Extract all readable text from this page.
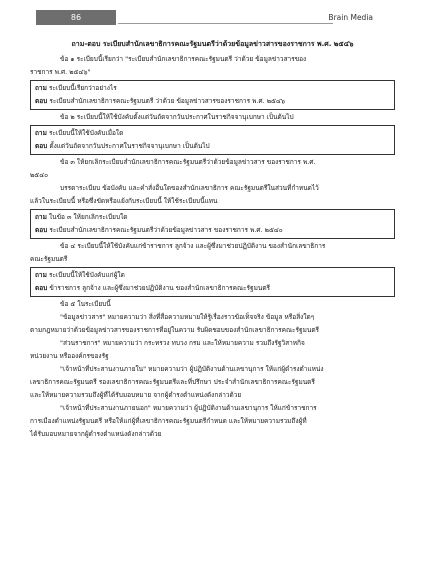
86	Brain Media

ถาม-ตอบ ระเบียบสำนักเลขาธิการคณะรัฐมนตรีว่าด้วยข้อมูลข่าวสารของราชการ พ.ศ. ๒๕๔๖

ข้อ ๑ ระเบียบนี้เรียกว่า "ระเบียบสำนักเลขาธิการคณะรัฐมนตรี ว่าด้วย ข้อมูลข่าวสารของ

ราชการ พ.ศ. ๒๕๔๖"

ถาม ระเบียบนี้เรียกว่าอย่างไร
ตอบ ระเบียบสำนักเลขาธิการคณะรัฐมนตรี ว่าด้วย ข้อมูลข่าวสารของราชการ พ.ศ. ๒๕๔๖

ข้อ ๒ ระเบียบนี้ให้ใช้บังคับตั้งแต่วันถัดจากวันประกาศในราชกิจจานุเบกษา เป็นต้นไป

ถาม ระเบียบนี้ให้ใช้บังคับเมื่อใด
ตอบ ตั้งแต่วันถัดจากวันประกาศในราชกิจจานุเบกษา เป็นต้นไป

ข้อ ๓ ให้ยกเลิกระเบียบสำนักเลขาธิการคณะรัฐมนตรีว่าด้วยข้อมูลข่าวสาร ของราชการ พ.ศ.

๒๕๔๐

บรรดาระเบียบ ข้อบังคับ และคำสั่งอื่นใดของสำนักเลขาธิการ คณะรัฐมนตรีในส่วนที่กำหนดไว้

แล้วในระเบียบนี้ หรือซึ่งขัดหรือแย้งกับระเบียบนี้ ให้ใช้ระเบียบนี้แทน

ถาม ในข้อ ๓ ให้ยกเลิกระเบียบใด
ตอบ ระเบียบสำนักเลขาธิการคณะรัฐมนตรีว่าด้วยข้อมูลข่าวสาร ของราชการ พ.ศ. ๒๕๔๐

ข้อ ๔ ระเบียบนี้ให้ใช้บังคับแก่ข้าราชการ ลูกจ้าง และผู้ซึ่งมาช่วยปฏิบัติงาน ของสำนักเลขาธิการ

คณะรัฐมนตรี

ถาม ระเบียบนี้ให้ใช้บังคับแก่ผู้ใด
ตอบ ข้าราชการ ลูกจ้าง และผู้ซึ่งมาช่วยปฏิบัติงาน ของสำนักเลขาธิการคณะรัฐมนตรี

ข้อ ๕ ในระเบียบนี้

"ข้อมูลข่าวสาร" หมายความว่า สิ่งที่สื่อความหมายให้รู้เรื่องราวข้อเท็จจริง ข้อมูล หรือสิ่งใดๆ

ตามกฎหมายว่าด้วยข้อมูลข่าวสารของราชการที่อยู่ในความ รับผิดชอบของสำนักเลขาธิการคณะรัฐมนตรี

"ส่วนราชการ" หมายความว่า กระทรวง ทบวง กรม และให้หมายความ รวมถึงรัฐวิสาหกิจ

หน่วยงาน หรือองค์กรของรัฐ

"เจ้าหน้าที่ประสานงานภายใน" หมายความว่า ผู้ปฏิบัติงานด้านเลขานุการ ให้แก่ผู้ดำรงตำแหน่ง

เลขาธิการคณะรัฐมนตรี รองเลขาธิการคณะรัฐมนตรีและที่ปรึกษา ประจำสำนักเลขาธิการคณะรัฐมนตรี

และให้หมายความรวมถึงผู้ที่ได้รับมอบหมาย จากผู้ดำรงตำแหน่งดังกล่าวด้วย

"เจ้าหน้าที่ประสานงานภายนอก" หมายความว่า ผู้ปฏิบัติงานด้านเลขานุการ ให้แก่ข้าราชการ

การเมืองตำแหน่งรัฐมนตรี หรือให้แก่ผู้ที่เลขาธิการคณะรัฐมนตรีกำหนด และให้หมายความรวมถึงผู้ที่

ได้รับมอบหมายจากผู้ดำรงตำแหน่งดังกล่าวด้วย
